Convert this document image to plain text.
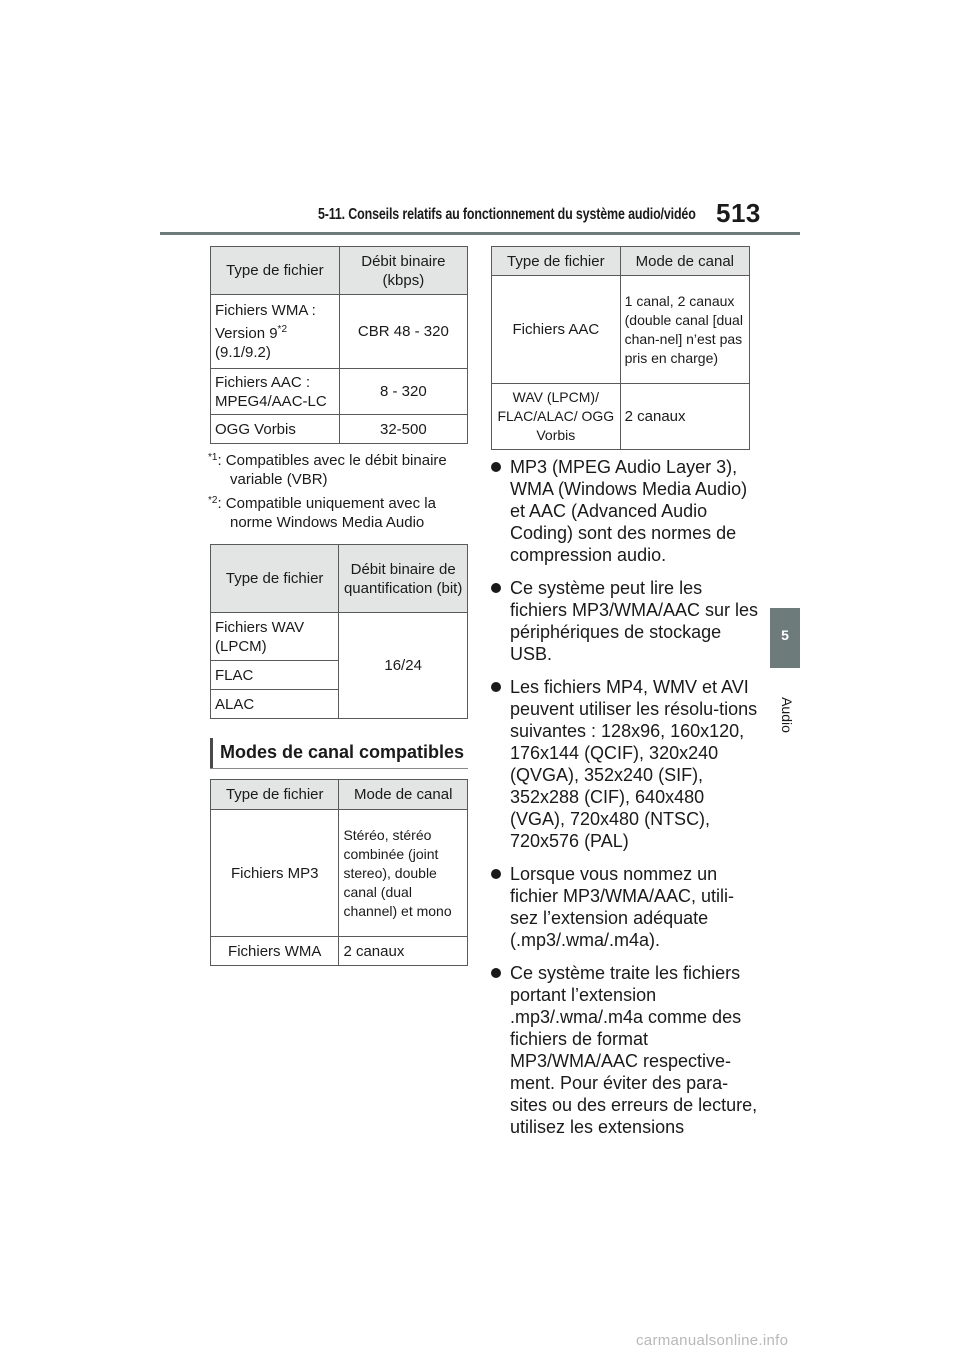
5-11. Conseils relatifs au fonctionnement du système audio/vidéo 513
5
Audio
Type de fichier	Débit binaire (kbps)
Fichiers WMA :
Version 9$^{*2}$
(9.1/9.2)	CBR 48 - 320
Fichiers AAC :
MPEG4/AAC-LC	8 - 320
OGG Vorbis	32-500
$^{*1}$: Compatibles avec le débit binaire
variable (VBR)
$^{*2}$: Compatible uniquement avec la
norme Windows Media Audio
Type de fichier	Débit binaire de quantification (bit)
Fichiers WAV
(LPCM)	16/24
FLAC	
ALAC	
Modes de canal compatibles
Type de fichier	Mode de canal
Fichiers MP3	Stéréo, stéréo combinée (joint stereo), double canal (dual channel) et mono
Fichiers WMA	2 canaux
Type de fichier	Mode de canal
Fichiers AAC	1 canal, 2 canaux (double canal [dual chan-nel] n’est pas pris en charge)
WAV (LPCM)/ FLAC/ALAC/ OGG Vorbis	2 canaux
MP3 (MPEG Audio Layer 3), WMA (Windows Media Audio) et AAC (Advanced Audio Coding) sont des normes de compression audio.
Ce système peut lire les fichiers MP3/WMA/AAC sur les périphériques de stockage USB.
Les fichiers MP4, WMV et AVI peuvent utiliser les résolu-tions suivantes : 128x96, 160x120, 176x144 (QCIF), 320x240 (QVGA), 352x240 (SIF), 352x288 (CIF), 640x480 (VGA), 720x480 (NTSC), 720x576 (PAL)
Lorsque vous nommez un fichier MP3/WMA/AAC, utili-sez l’extension adéquate (.mp3/.wma/.m4a).
Ce système traite les fichiers portant l’extension .mp3/.wma/.m4a comme des fichiers de format MP3/WMA/AAC respective-ment. Pour éviter des para-sites ou des erreurs de lecture, utilisez les extensions
carmanualsonline.info
